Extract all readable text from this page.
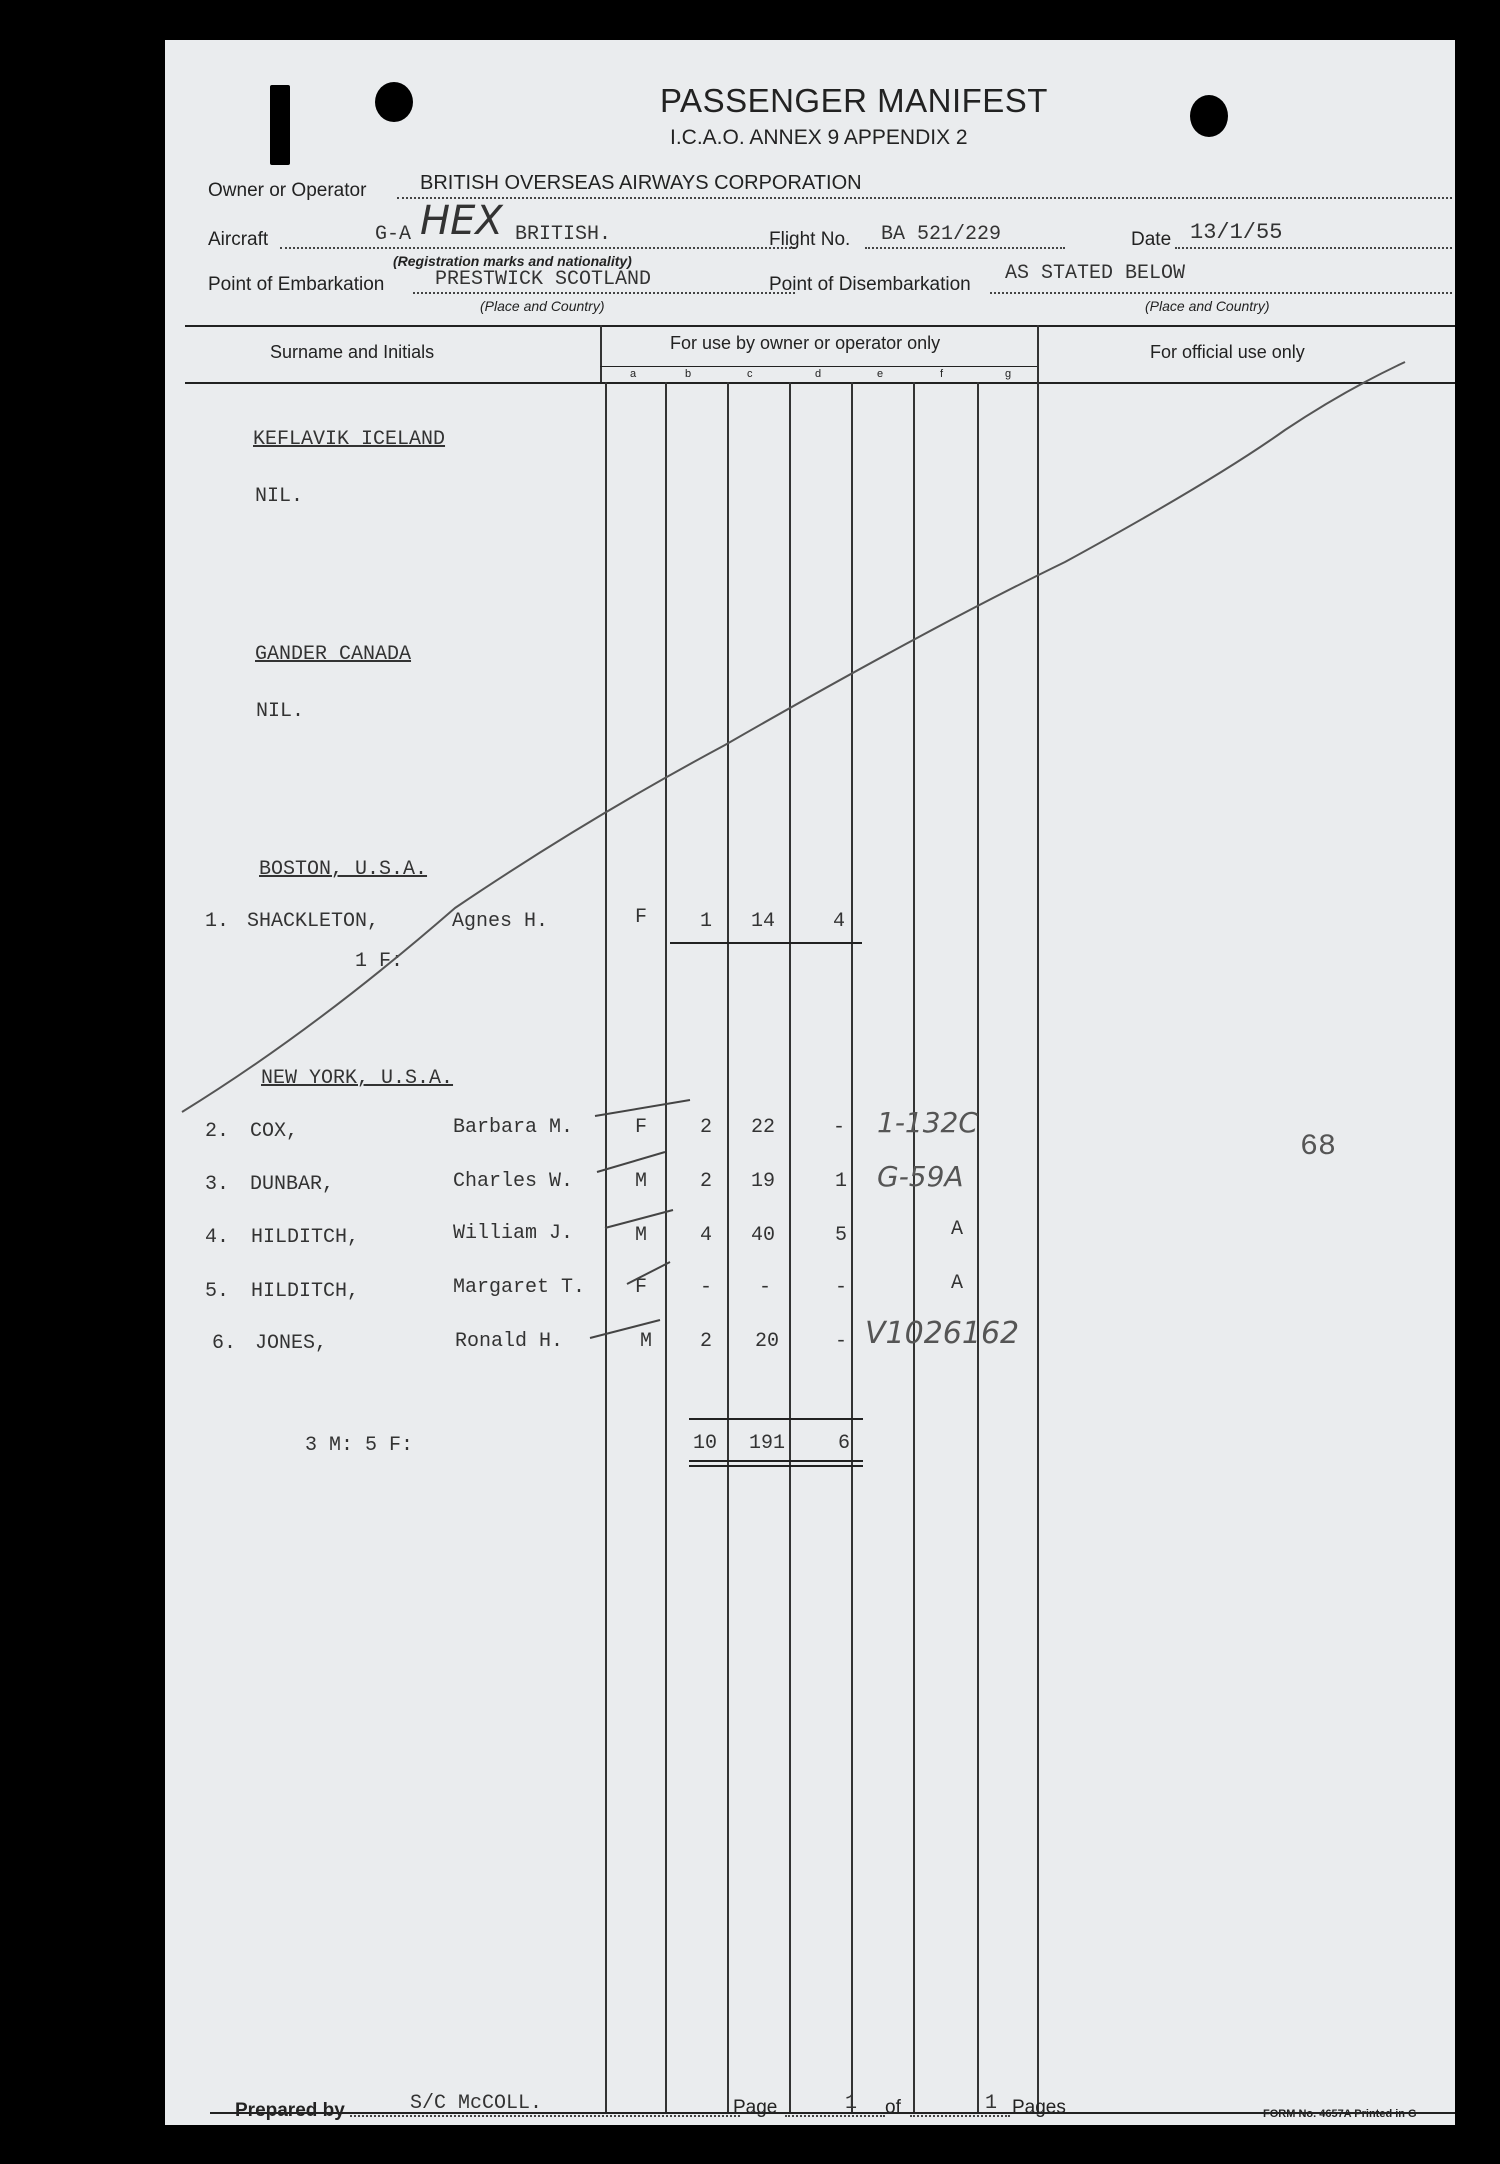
PASSENGER MANIFEST
I.C.A.O. ANNEX 9 APPENDIX 2
Owner or Operator	BRITISH OVERSEAS AIRWAYS CORPORATION
Aircraft	G-A HEX BRITISH.
(Registration marks and nationality)
Flight No. BA 521/229	Date 13/1/55
Point of Embarkation	PRESTWICK SCOTLAND
(Place and Country)
Point of Disembarkation AS STATED BELOW
(Place and Country)
Surname and Initials	For use by owner or operator only	For official use only
a	b	c	d	e	f	g
KEFLAVIK ICELAND
NIL.
GANDER CANADA
NIL.
BOSTON, U.S.A.
1. SHACKLETON,	Agnes H.	F	1 14	4
1 F:
NEW YORK, U.S.A.
2. COX,	Barbara M.	F	2 22	- 1-132C
3. DUNBAR,	Charles W.	M	2 19	1 G-59A
4. HILDITCH,	William J.	M	4 40	5	A
5. HILDITCH,	Margaret T. F	- -	-	A
6. JONES,	Ronald H.	M 2 20	- V1026162
3 M: 5 F:	10 191	6
68
Prepared by	S/C McCOLL.	Page	1 of	1 Pages	FORM No. 4657A Printed in G
